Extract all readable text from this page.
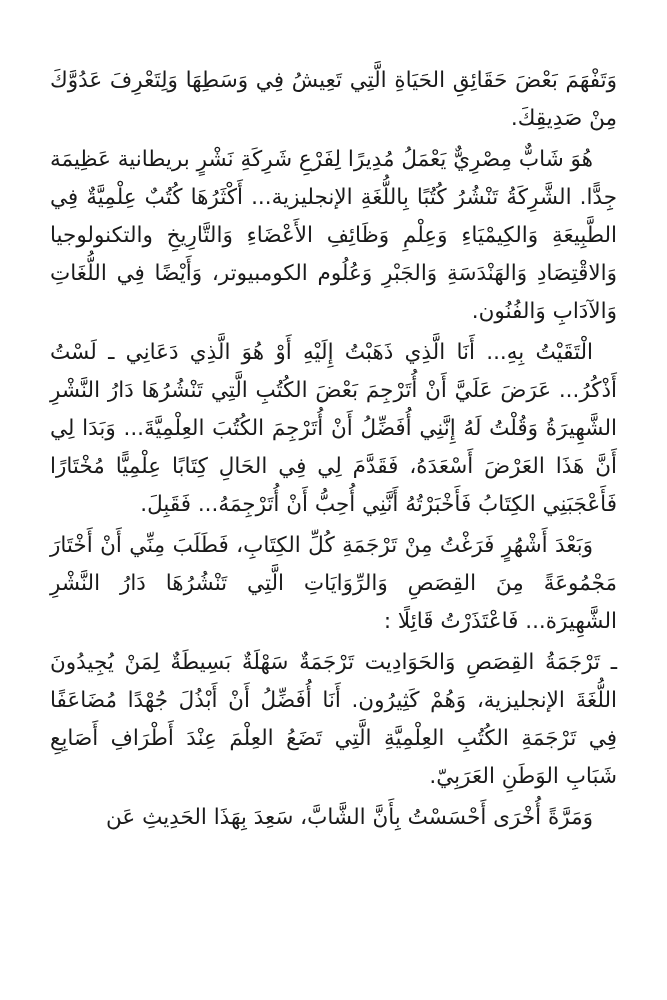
وَتَفْهَمَ بَعْضَ حَقَائِقِ الحَيَاةِ الَّتِي تَعِيشُ فِي وَسَطِهَا وَلِتَعْرِفَ عَدُوَّكَ مِنْ صَدِيقِكَ.

هُوَ شَابٌّ مِصْرِيٌّ يَعْمَلُ مُدِيرًا لِفَرْعِ شَرِكَةِ نَشْرٍ بريطانية عَظِيمَة جِدًّا. الشَّرِكَةُ تَنْشُرُ كُتُبًا بِاللُّغَةِ الإنجليزية... أَكْثَرُهَا كُتُبٌ عِلْمِيَّةٌ فِي الطَّبِيعَةِ وَالكِيمْيَاءِ وَعِلْمِ وَظَائِفِ الأَعْضَاءِ وَالتَّارِيخِ والتكنولوجيا وَالاقْتِصَادِ وَالهَنْدَسَةِ وَالجَبْرِ وَعُلُوم الكومبيوتر، وَأَيْضًا فِي اللُّغَاتِ وَالآدَابِ وَالفُنُون.

الْتَقَيْتُ بِهِ... أَنَا الَّذِي ذَهَبْتُ إِلَيْهِ أَوْ هُوَ الَّذِي دَعَانِي ـ لَسْتُ أَذْكُرُ... عَرَضَ عَلَيَّ أَنْ أُتَرْجِمَ بَعْضَ الكُتُبِ الَّتِي تَنْشُرُهَا دَارُ النَّشْرِ الشَّهِيرَةُ وَقُلْتُ لَهُ إِنَّنِي أُفَضِّلُ أَنْ أُتَرْجِمَ الكُتُبَ العِلْمِيَّةَ... وَبَدَا لِي أَنَّ هَذَا العَرْضَ أَسْعَدَهُ، فَقَدَّمَ لِي فِي الحَالِ كِتَابًا عِلْمِيًّا مُخْتَارًا فَأَعْجَبَنِي الكِتَابُ فَأَخْبَرْتُهُ أَنَّنِي أُحِبُّ أَنْ أُتَرْجِمَهُ... فَقَبِلَ.

وَبَعْدَ أَشْهُرٍ فَرَغْتُ مِنْ تَرْجَمَةِ كُلِّ الكِتَابِ، فَطَلَبَ مِنِّي أَنْ أَخْتَارَ مَجْمُوعَةً مِنَ القِصَصِ وَالرِّوَايَاتِ الَّتِي تَنْشُرُهَا دَارُ النَّشْرِ الشَّهِيرَة... فَاعْتَذَرْتُ قَائِلًا :

ـ تَرْجَمَةُ القِصَصِ وَالحَوَادِيت تَرْجَمَةٌ سَهْلَةٌ بَسِيطَةٌ لِمَنْ يُجِيدُونَ اللُّغَةَ الإنجليزية، وَهُمْ كَثِيرُون. أَنَا أُفَضِّلُ أَنْ أَبْذُلَ جُهْدًا مُضَاعَفًا فِي تَرْجَمَةِ الكُتُبِ العِلْمِيَّةِ الَّتِي تَضَعُ العِلْمَ عِنْدَ أَطْرَافِ أَصَابِعِ شَبَابِ الوَطَنِ العَرَبِيّ.

وَمَرَّةً أُخْرَى أَحْسَسْتُ بِأَنَّ الشَّابَّ، سَعِدَ بِهَذَا الحَدِيثِ عَن
